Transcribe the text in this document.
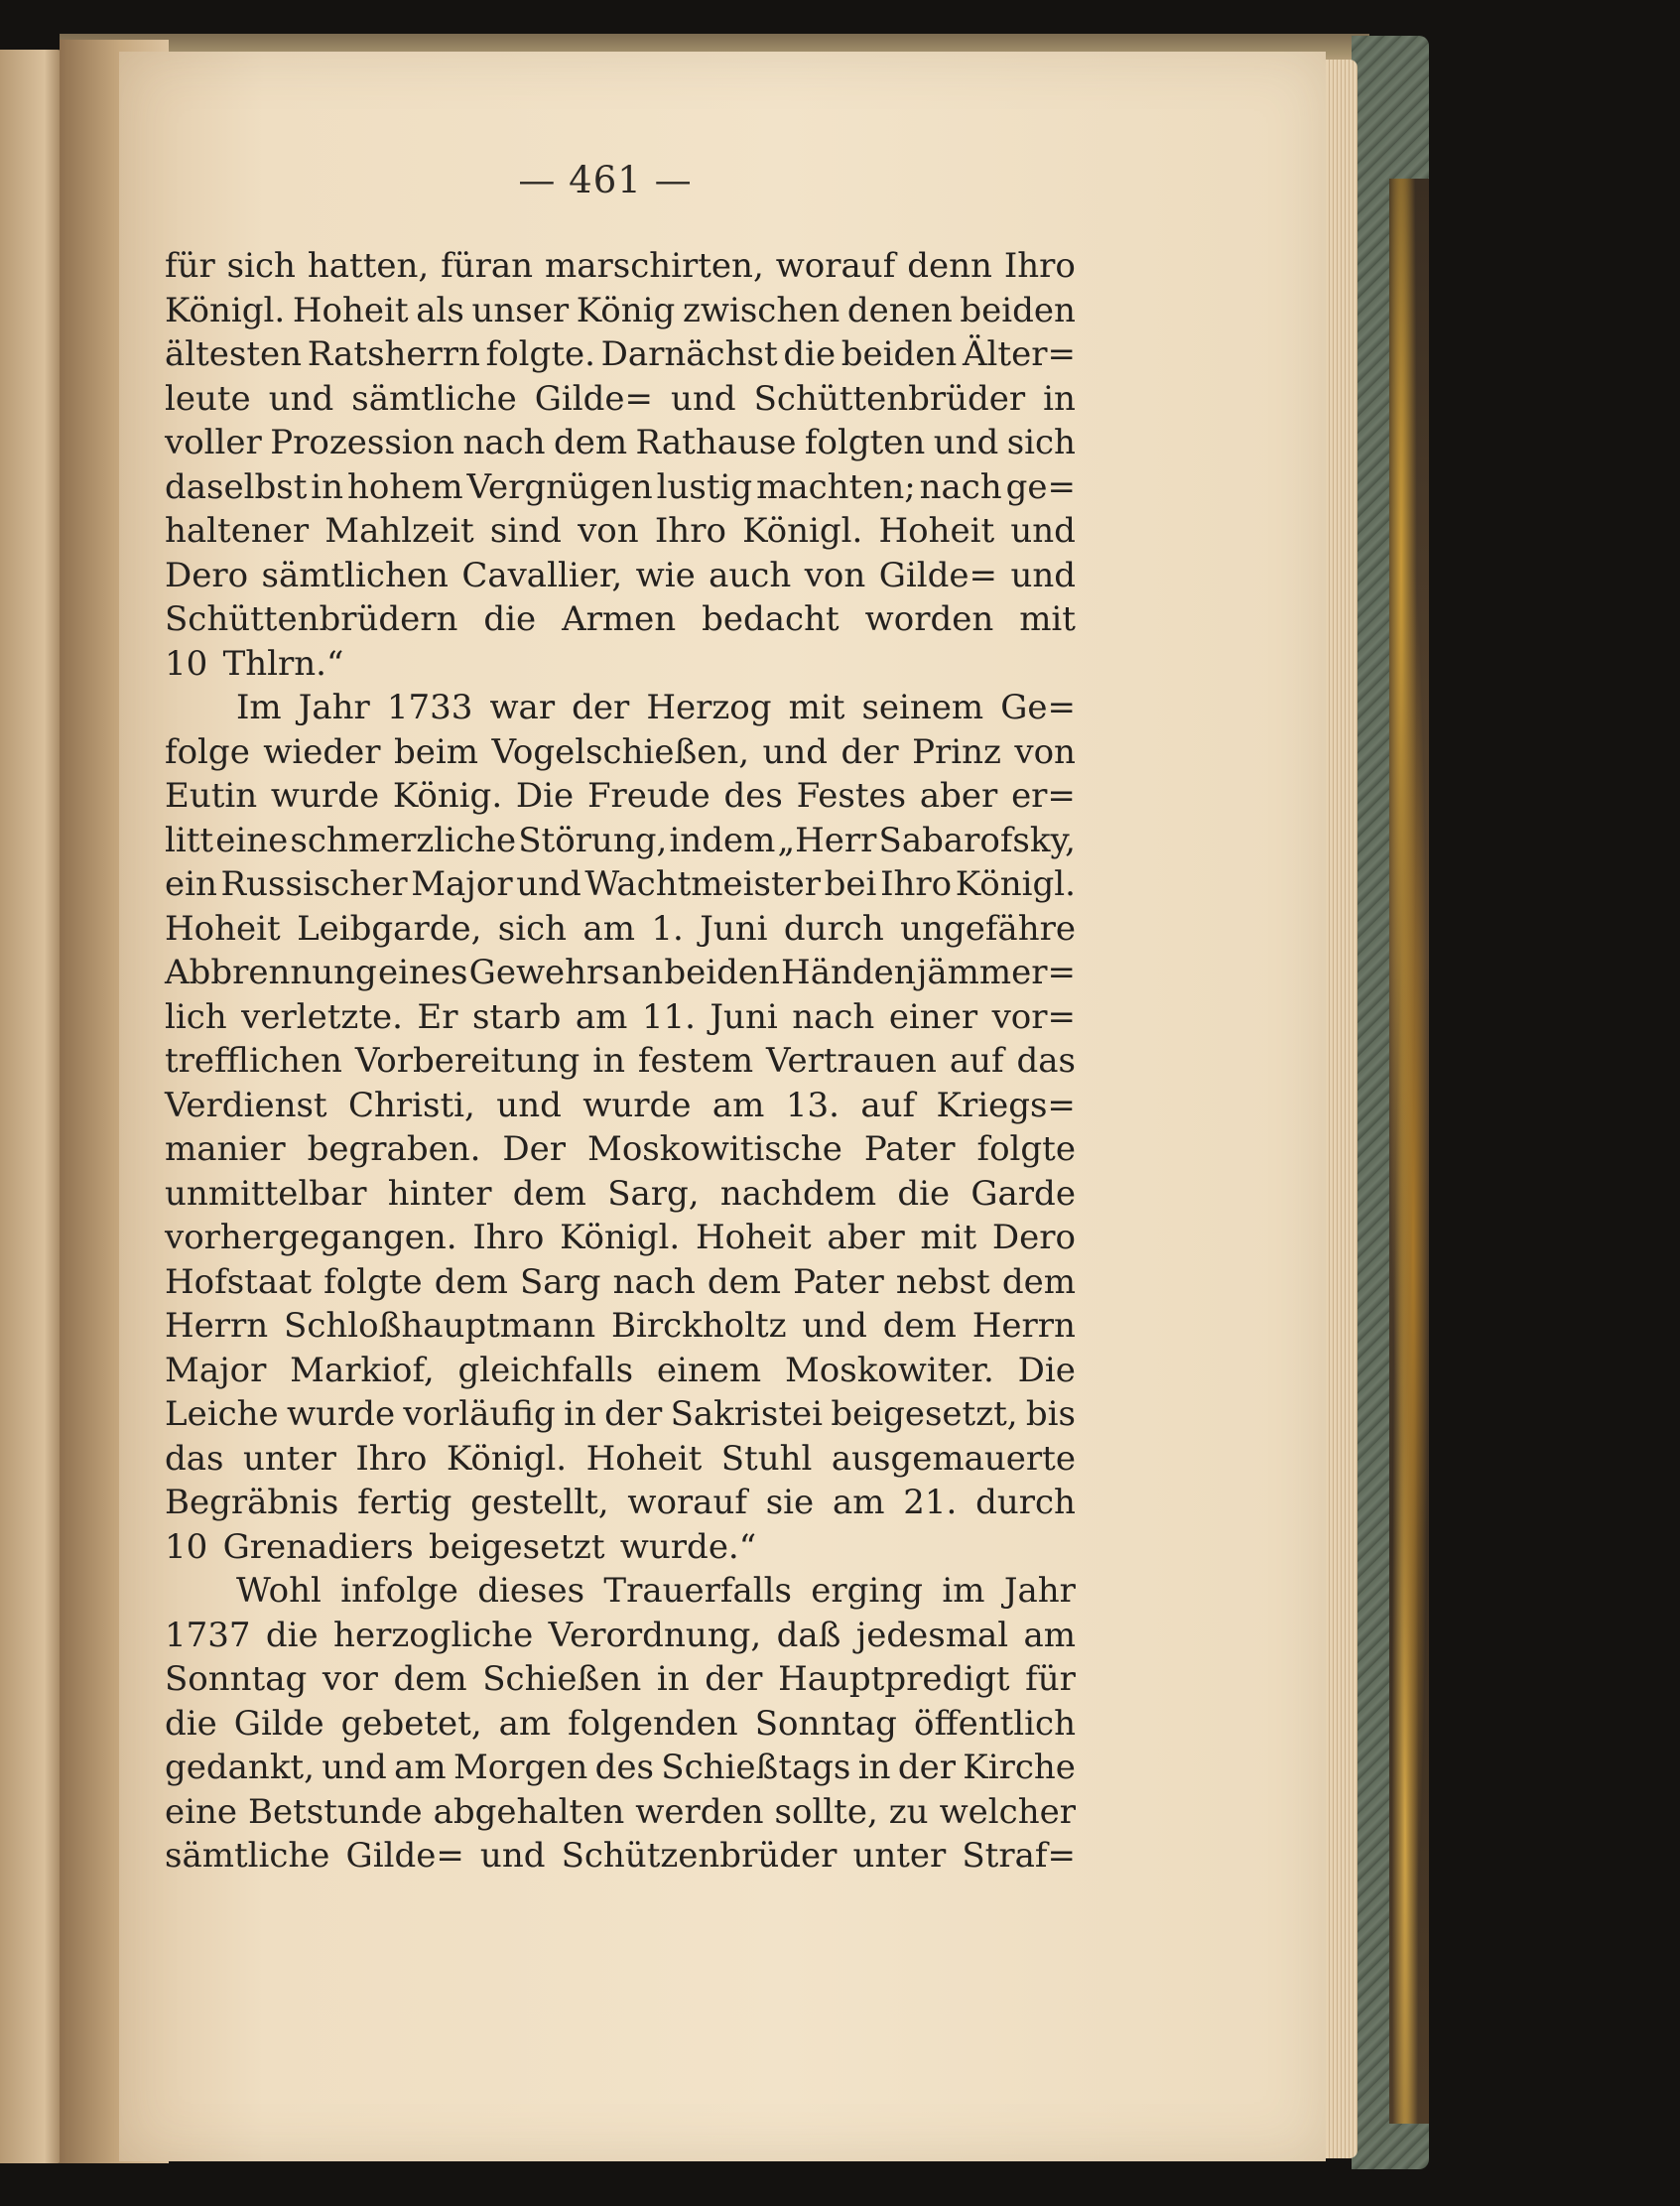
— 461 —
für sich hatten, füran marschirten, worauf denn Ihro
Königl. Hoheit als unser König zwischen denen beiden
ältesten Ratsherrn folgte. Darnächst die beiden Älter=
leute und sämtliche Gilde= und Schüttenbrüder in
voller Prozession nach dem Rathause folgten und sich
daselbst in hohem Vergnügen lustig machten; nach ge=
haltener Mahlzeit sind von Ihro Königl. Hoheit und
Dero sämtlichen Cavallier, wie auch von Gilde= und
Schüttenbrüdern die Armen bedacht worden mit
10 Thlrn.“
Im Jahr 1733 war der Herzog mit seinem Ge=
folge wieder beim Vogelschießen, und der Prinz von
Eutin wurde König. Die Freude des Festes aber er=
litt eine schmerzliche Störung, indem „Herr Sabarofsky,
ein Russischer Major und Wachtmeister bei Ihro Königl.
Hoheit Leibgarde, sich am 1. Juni durch ungefähre
Abbrennung eines Gewehrs an beiden Händen jämmer=
lich verletzte. Er starb am 11. Juni nach einer vor=
trefflichen Vorbereitung in festem Vertrauen auf das
Verdienst Christi, und wurde am 13. auf Kriegs=
manier begraben. Der Moskowitische Pater folgte
unmittelbar hinter dem Sarg, nachdem die Garde
vorhergegangen. Ihro Königl. Hoheit aber mit Dero
Hofstaat folgte dem Sarg nach dem Pater nebst dem
Herrn Schloßhauptmann Birckholtz und dem Herrn
Major Markiof, gleichfalls einem Moskowiter. Die
Leiche wurde vorläufig in der Sakristei beigesetzt, bis
das unter Ihro Königl. Hoheit Stuhl ausgemauerte
Begräbnis fertig gestellt, worauf sie am 21. durch
10 Grenadiers beigesetzt wurde.“
Wohl infolge dieses Trauerfalls erging im Jahr
1737 die herzogliche Verordnung, daß jedesmal am
Sonntag vor dem Schießen in der Hauptpredigt für
die Gilde gebetet, am folgenden Sonntag öffentlich
gedankt, und am Morgen des Schießtags in der Kirche
eine Betstunde abgehalten werden sollte, zu welcher
sämtliche Gilde= und Schützenbrüder unter Straf=
